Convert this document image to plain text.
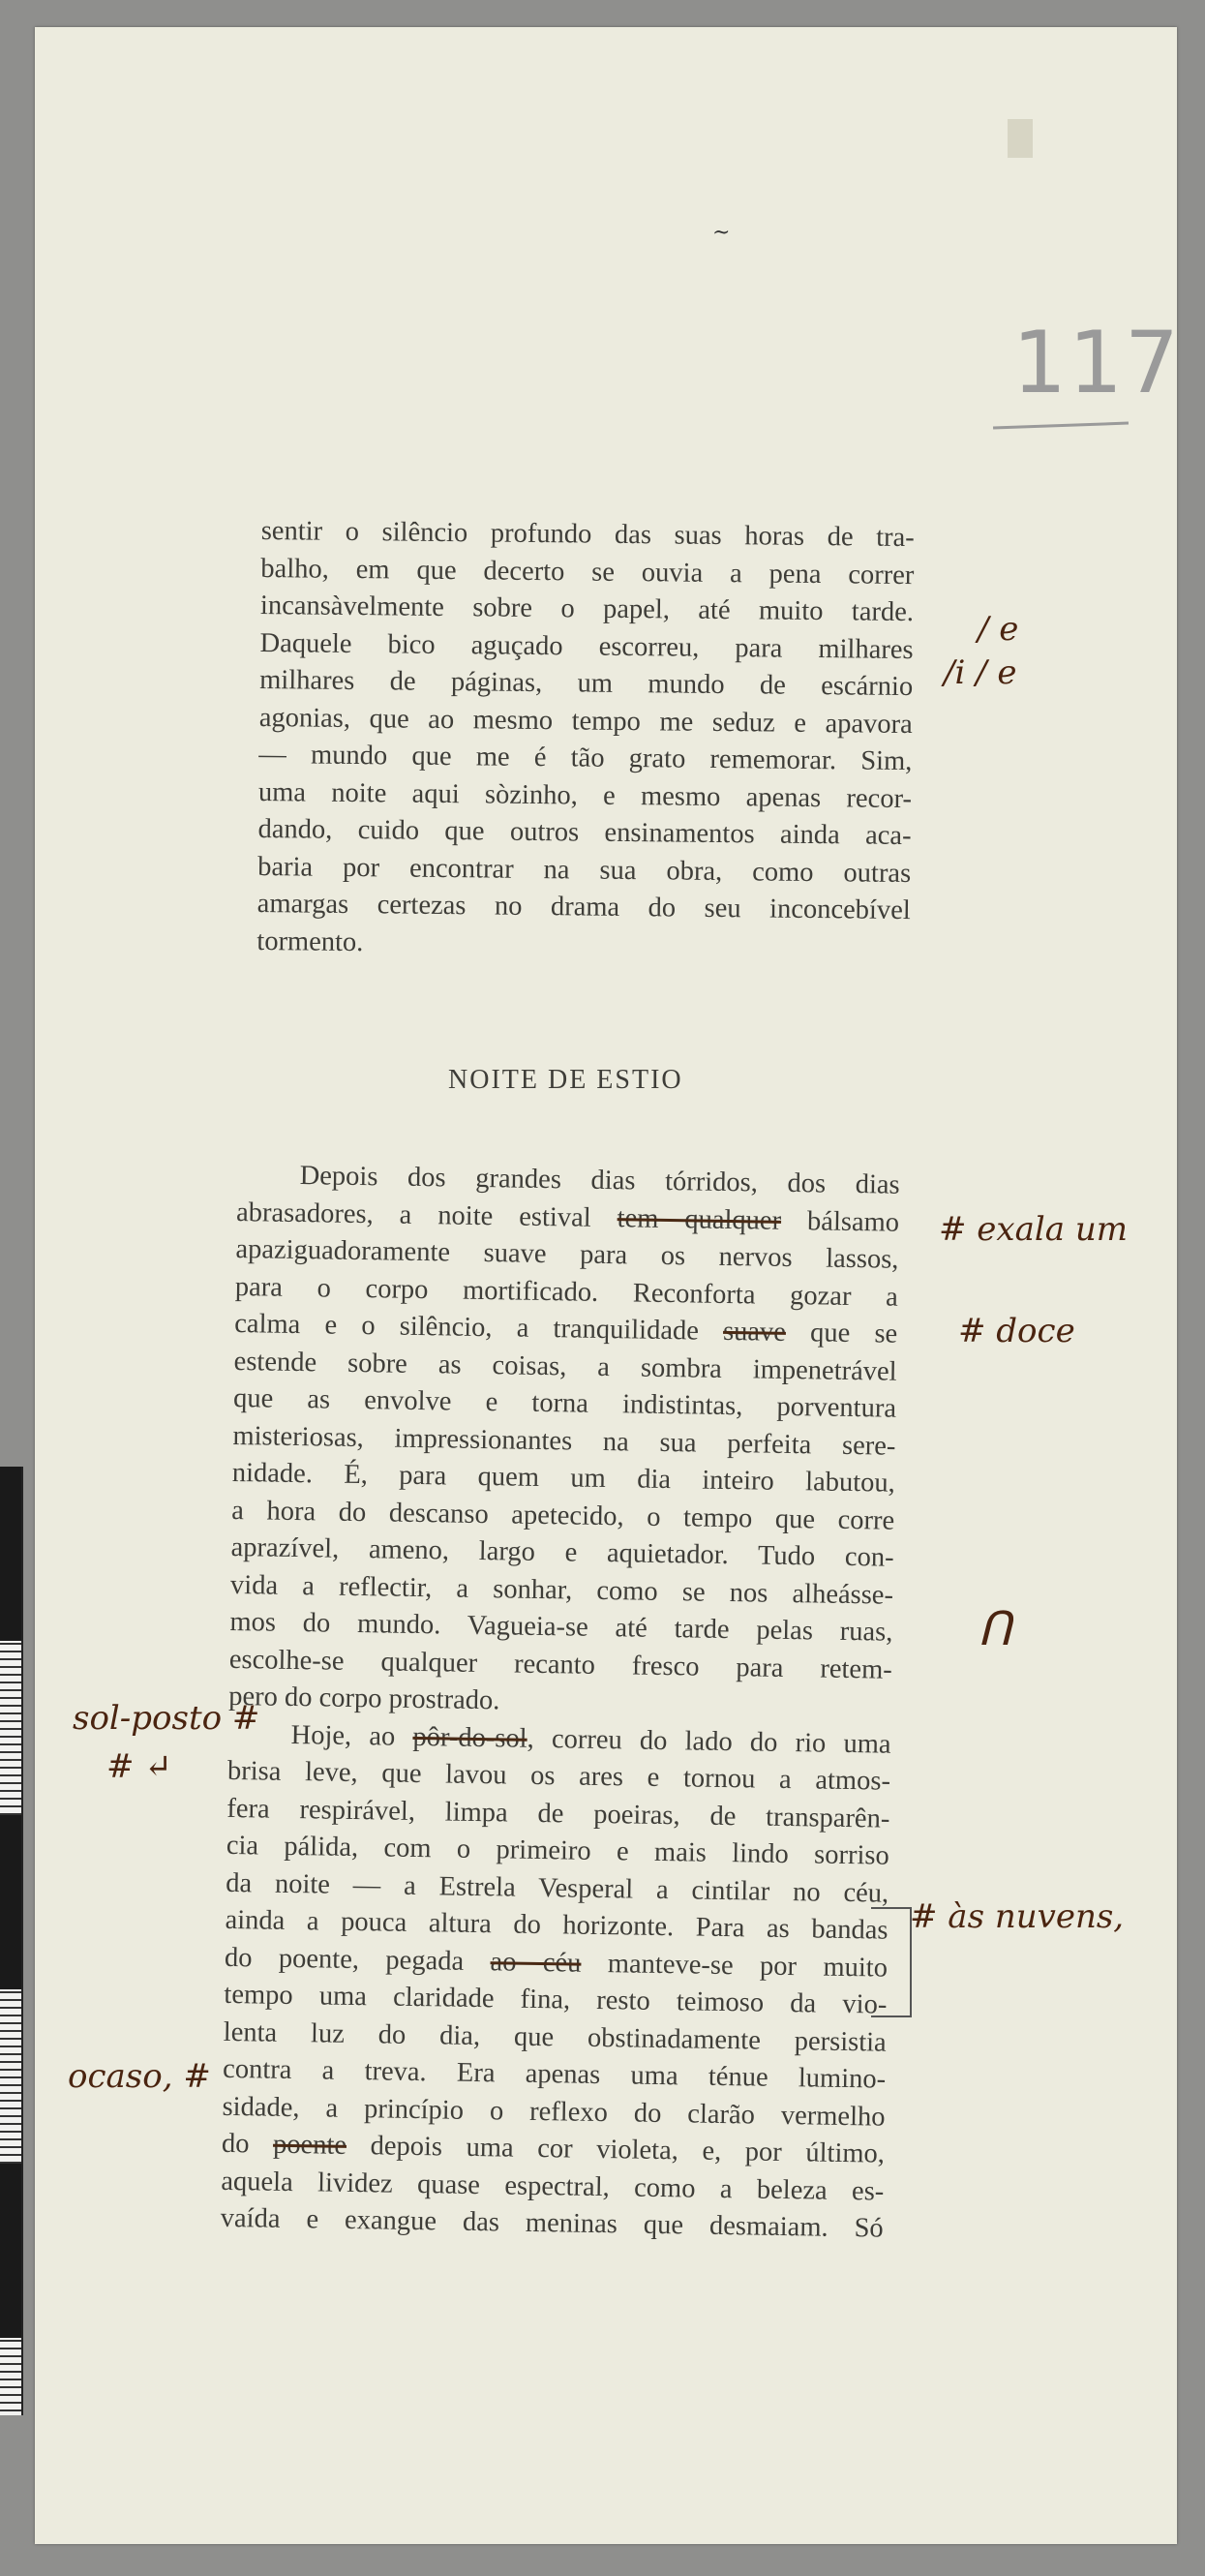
~
117
sentir o silêncio profundo das suas horas de tra-
balho, em que decerto se ouvia a pena correr
incansàvelmente sobre o papel, até muito tarde.
Daquele bico aguçado escorreu, para milhares
milhares de páginas, um mundo de escárnio
agonias, que ao mesmo tempo me seduz e apavora
— mundo que me é tão grato rememorar. Sim,
uma noite aqui sòzinho, e mesmo apenas recor-
dando, cuido que outros ensinamentos ainda aca-
baria por encontrar na sua obra, como outras
amargas certezas no drama do seu inconcebível
tormento.
NOITE DE ESTIO
Depois dos grandes dias tórridos, dos dias
abrasadores, a noite estival tem qualquer bálsamo
apaziguadoramente suave para os nervos lassos,
para o corpo mortificado. Reconforta gozar a
calma e o silêncio, a tranquilidade suave que se
estende sobre as coisas, a sombra impenetrável
que as envolve e torna indistintas, porventura
misteriosas, impressionantes na sua perfeita sere-
nidade. É, para quem um dia inteiro labutou,
a hora do descanso apetecido, o tempo que corre
aprazível, ameno, largo e aquietador. Tudo con-
vida a reflectir, a sonhar, como se nos alheásse-
mos do mundo. Vagueia-se até tarde pelas ruas,
escolhe-se qualquer recanto fresco para retem-
pero do corpo prostrado.
Hoje, ao pôr-do-sol, correu do lado do rio uma
brisa leve, que lavou os ares e tornou a atmos-
fera respirável, limpa de poeiras, de transparên-
cia pálida, com o primeiro e mais lindo sorriso
da noite — a Estrela Vesperal a cintilar no céu,
ainda a pouca altura do horizonte. Para as bandas
do poente, pegada ao céu manteve-se por muito
tempo uma claridade fina, resto teimoso da vio-
lenta luz do dia, que obstinadamente persistia
contra a treva. Era apenas uma ténue lumino-
sidade, a princípio o reflexo do clarão vermelho
do poente depois uma cor violeta, e, por último,
aquela lividez quase espectral, como a beleza es-
vaída e exangue das meninas que desmaiam. Só
/ e
/i / e
# exala um
# doce
ᑎ
sol-posto #
# ↵
# às nuvens,
ocaso, #
